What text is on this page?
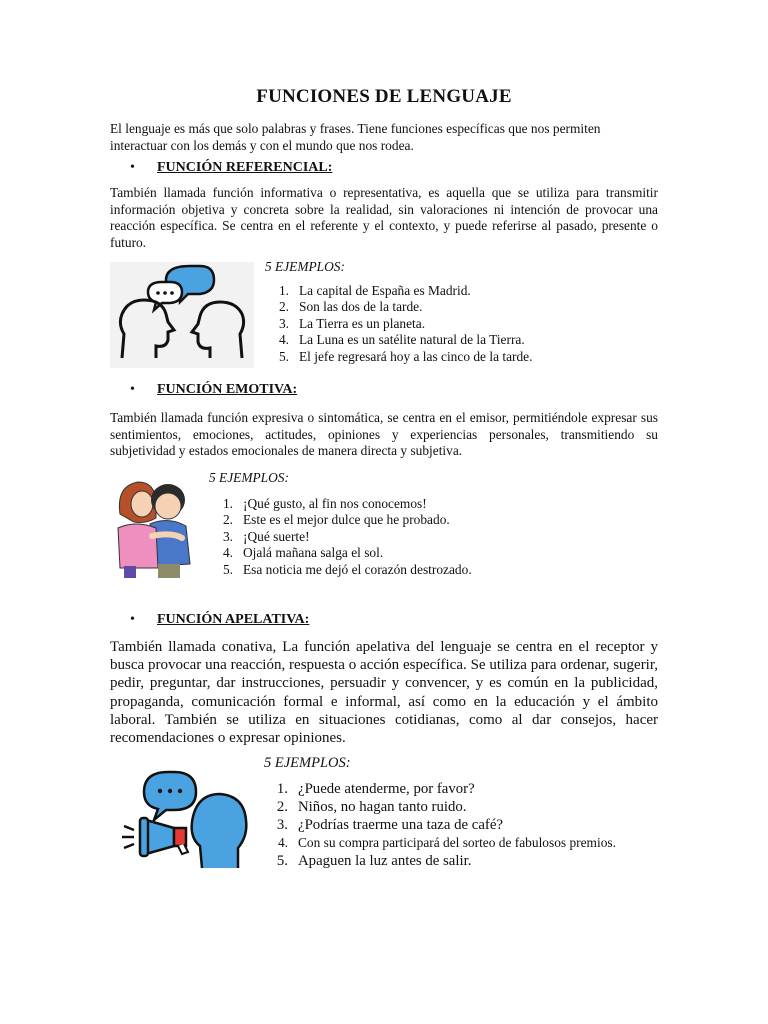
FUNCIONES DE LENGUAJE

El lenguaje es más que solo palabras y frases. Tiene funciones específicas que nos permiten interactuar con los demás y con el mundo que nos rodea.

• FUNCIÓN REFERENCIAL:

También llamada función informativa o representativa, es aquella que se utiliza para transmitir información objetiva y concreta sobre la realidad, sin valoraciones ni intención de provocar una reacción específica. Se centra en el referente y el contexto, y puede referirse al pasado, presente o futuro.

5 EJEMPLOS:
1. La capital de España es Madrid.
2. Son las dos de la tarde.
3. La Tierra es un planeta.
4. La Luna es un satélite natural de la Tierra.
5. El jefe regresará hoy a las cinco de la tarde.
• FUNCIÓN EMOTIVA:

También llamada función expresiva o sintomática, se centra en el emisor, permitiéndole expresar sus sentimientos, emociones, actitudes, opiniones y experiencias personales, transmitiendo su subjetividad y estados emocionales de manera directa y subjetiva.

5 EJEMPLOS:
1. ¡Qué gusto, al fin nos conocemos!
2. Este es el mejor dulce que he probado.
3. ¡Qué suerte!
4. Ojalá mañana salga el sol.
5. Esa noticia me dejó el corazón destrozado.
• FUNCIÓN APELATIVA:

También llamada conativa, La función apelativa del lenguaje se centra en el receptor y busca provocar una reacción, respuesta o acción específica. Se utiliza para ordenar, sugerir, pedir, preguntar, dar instrucciones, persuadir y convencer, y es común en la publicidad, propaganda, comunicación formal e informal, así como en la educación y el ámbito laboral. También se utiliza en situaciones cotidianas, como al dar consejos, hacer recomendaciones o expresar opiniones.

5 EJEMPLOS:
1. ¿Puede atenderme, por favor?
2. Niños, no hagan tanto ruido.
3. ¿Podrías traerme una taza de café?
4. Con su compra participará del sorteo de fabulosos premios.
5. Apaguen la luz antes de salir.
